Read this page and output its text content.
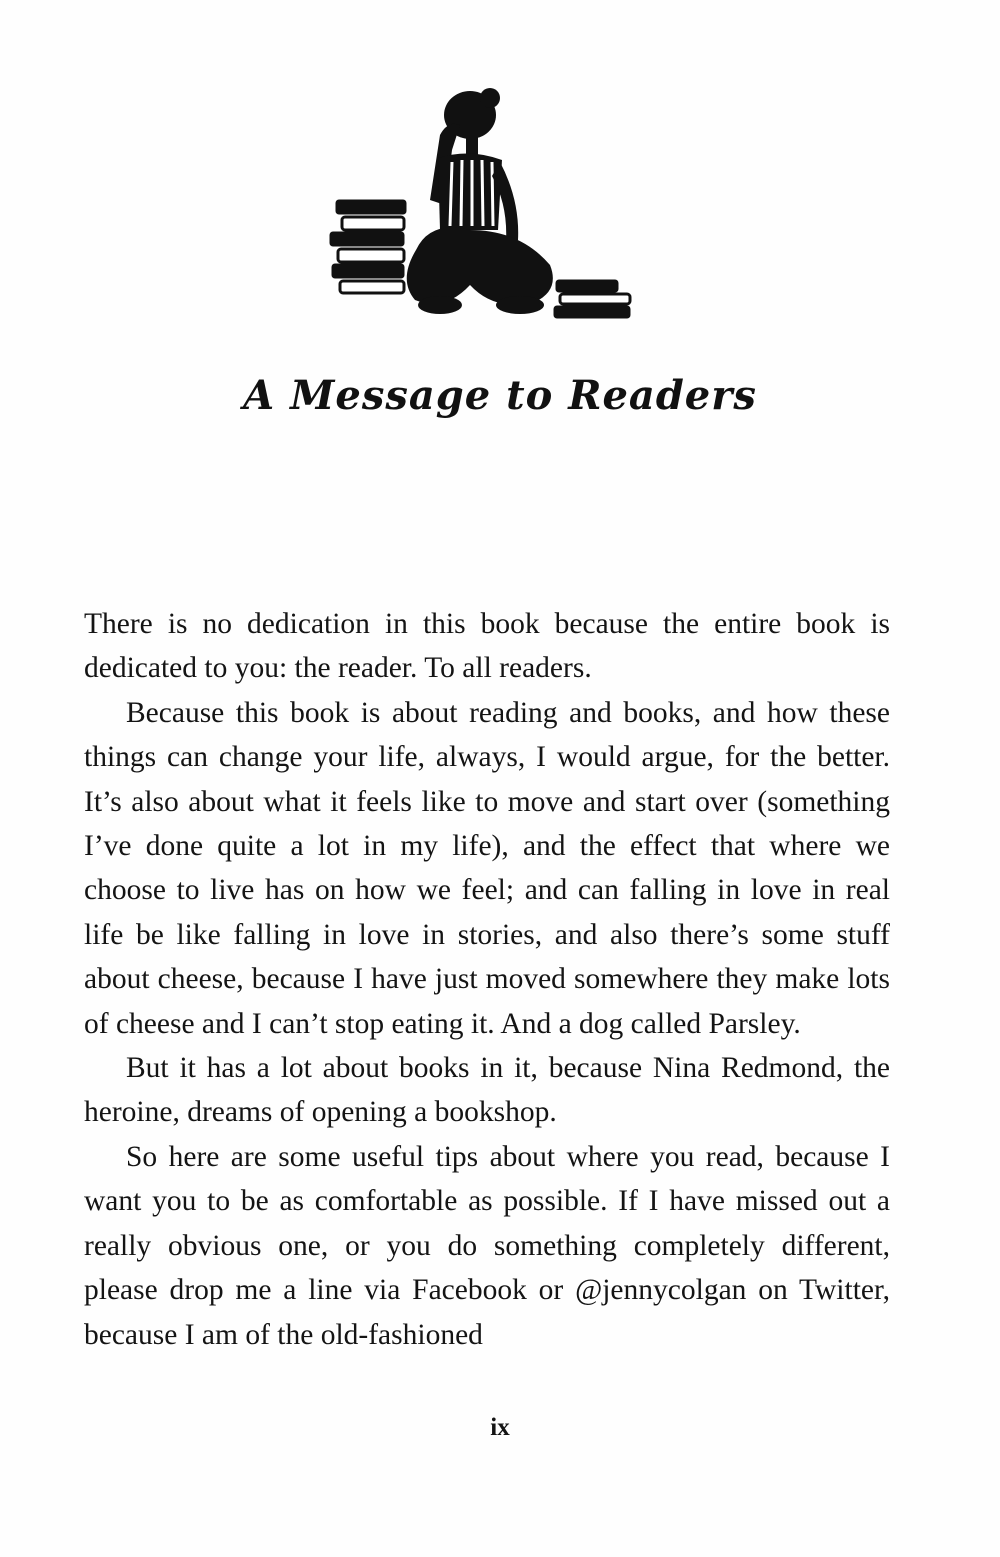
A Message to Readers

There is no dedication in this book because the entire book is dedicated to you: the reader. To all readers.

Because this book is about reading and books, and how these things can change your life, always, I would argue, for the better. It’s also about what it feels like to move and start over (something I’ve done quite a lot in my life), and the effect that where we choose to live has on how we feel; and can falling in love in real life be like falling in love in stories, and also there’s some stuff about cheese, because I have just moved somewhere they make lots of cheese and I can’t stop eating it. And a dog called Parsley.

But it has a lot about books in it, because Nina Redmond, the heroine, dreams of opening a bookshop.

So here are some useful tips about where you read, because I want you to be as comfortable as possible. If I have missed out a really obvious one, or you do something completely different, please drop me a line via Facebook or @jennycolgan on Twitter, because I am of the old-fashioned

ix
